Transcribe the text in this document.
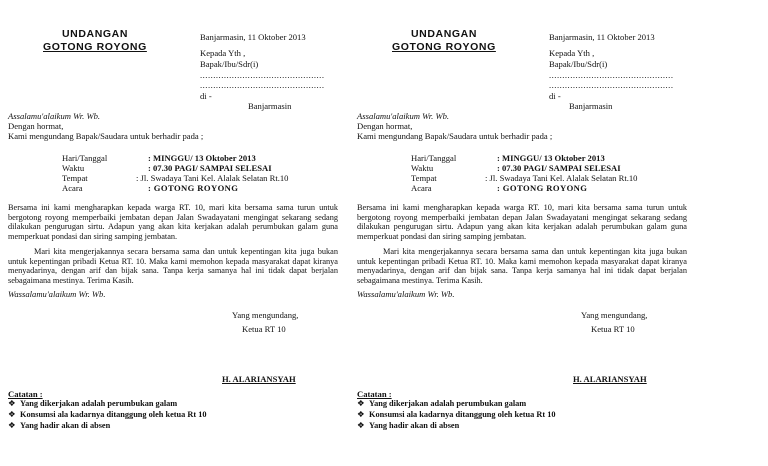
UNDANGAN
GOTONG ROYONG
Banjarmasin, 11 Oktober 2013
Kepada Yth ,
Bapak/Ibu/Sdr(i)
...............................................
...............................................
di -
Banjarmasin
Assalamu'alaikum Wr. Wb.
Dengan hormat,
Kami mengundang Bapak/Saudara untuk berhadir pada ;
Hari/Tanggal	: MINGGU/ 13 Oktober 2013
Waktu	: 07.30 PAGI/ SAMPAI SELESAI
Tempat	: Jl. Swadaya Tani Kel. Alalak Selatan Rt.10
Acara	: GOTONG ROYONG
Bersama ini kami mengharapkan kepada warga RT. 10, mari kita bersama sama turun untuk bergotong royong memperbaiki jembatan depan Jalan Swadayatani mengingat sekarang sedang dilakukan pengurugan sirtu. Adapun yang akan kita kerjakan adalah perumbukan galam guna memperkuat pondasi dan siring samping jembatan.
Mari kita mengerjakannya secara bersama sama dan untuk kepentingan kita juga bukan untuk kepentingan pribadi Ketua RT. 10. Maka kami memohon kepada masyarakat dapat kiranya menyadarinya, dengan arif dan bijak sana. Tanpa kerja samanya hal ini tidak dapat berjalan sebagaimana mestinya. Terima Kasih.
Wassalamu'alaikum Wr. Wb.
Yang mengundang,
Ketua RT 10
H. ALARIANSYAH
Catatan :
❖ Yang dikerjakan adalah perumbukan galam
❖ Konsumsi ala kadarnya ditanggung oleh ketua Rt 10
❖ Yang hadir akan di absen
UNDANGAN
GOTONG ROYONG
Banjarmasin, 11 Oktober 2013
Kepada Yth ,
Bapak/Ibu/Sdr(i)
...............................................
...............................................
di -
Banjarmasin
Assalamu'alaikum Wr. Wb.
Dengan hormat,
Kami mengundang Bapak/Saudara untuk berhadir pada ;
Hari/Tanggal	: MINGGU/ 13 Oktober 2013
Waktu	: 07.30 PAGI/ SAMPAI SELESAI
Tempat	: Jl. Swadaya Tani Kel. Alalak Selatan Rt.10
Acara	: GOTONG ROYONG
Bersama ini kami mengharapkan kepada warga RT. 10, mari kita bersama sama turun untuk bergotong royong memperbaiki jembatan depan Jalan Swadayatani mengingat sekarang sedang dilakukan pengurugan sirtu. Adapun yang akan kita kerjakan adalah perumbukan galam guna memperkuat pondasi dan siring samping jembatan.
Mari kita mengerjakannya secara bersama sama dan untuk kepentingan kita juga bukan untuk kepentingan pribadi Ketua RT. 10. Maka kami memohon kepada masyarakat dapat kiranya menyadarinya, dengan arif dan bijak sana. Tanpa kerja samanya hal ini tidak dapat berjalan sebagaimana mestinya. Terima Kasih.
Wassalamu'alaikum Wr. Wb.
Yang mengundang,
Ketua RT 10
H. ALARIANSYAH
Catatan :
❖ Yang dikerjakan adalah perumbukan galam
❖ Konsumsi ala kadarnya ditanggung oleh ketua Rt 10
❖ Yang hadir akan di absen
